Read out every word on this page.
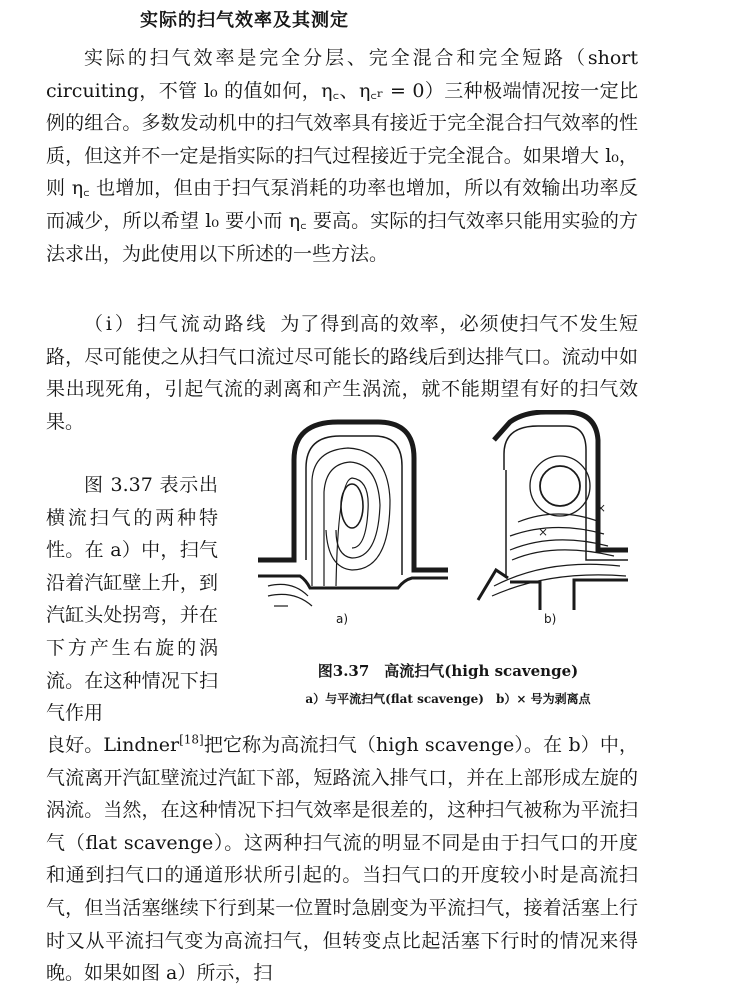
实际的扫气效率及其测定

实际的扫气效率是完全分层、完全混合和完全短路（short circuiting，不管 l₀ 的值如何，η꜀、η꜀ᵣ = 0）三种极端情况按一定比例的组合。多数发动机中的扫气效率具有接近于完全混合扫气效率的性质，但这并不一定是指实际的扫气过程接近于完全混合。如果增大 l₀，则 η꜀ 也增加，但由于扫气泵消耗的功率也增加，所以有效输出功率反而减少，所以希望 l₀ 要小而 η꜀ 要高。实际的扫气效率只能用实验的方法求出，为此使用以下所述的一些方法。

（ⅰ）扫气流动路线 为了得到高的效率，必须使扫气不发生短路，尽可能使之从扫气口流过尽可能长的路线后到达排气口。流动中如果出现死角，引起气流的剥离和产生涡流，就不能期望有好的扫气效果。

图 3.37 表示出横流扫气的两种特性。在 a）中，扫气沿着汽缸壁上升，到汽缸头处拐弯，并在下方产生右旋的涡流。在这种情况下扫气作用

良好。Lindner[18]把它称为高流扫气（high scavenge）。在 b）中，气流离开汽缸壁流过汽缸下部，短路流入排气口，并在上部形成左旋的涡流。当然，在这种情况下扫气效率是很差的，这种扫气被称为平流扫气（flat scavenge）。这两种扫气流的明显不同是由于扫气口的开度和通到扫气口的通道形状所引起的。当扫气口的开度较小时是高流扫气，但当活塞继续下行到某一位置时急剧变为平流扫气，接着活塞上行时又从平流扫气变为高流扫气，但转变点比起活塞下行时的情况来得晚。如果如图 a）所示，扫

×
×
a)	b)
图3.37　高流扫气(high scavenge)
a）与平流扫气(flat scavenge)　b）× 号为剥离点
